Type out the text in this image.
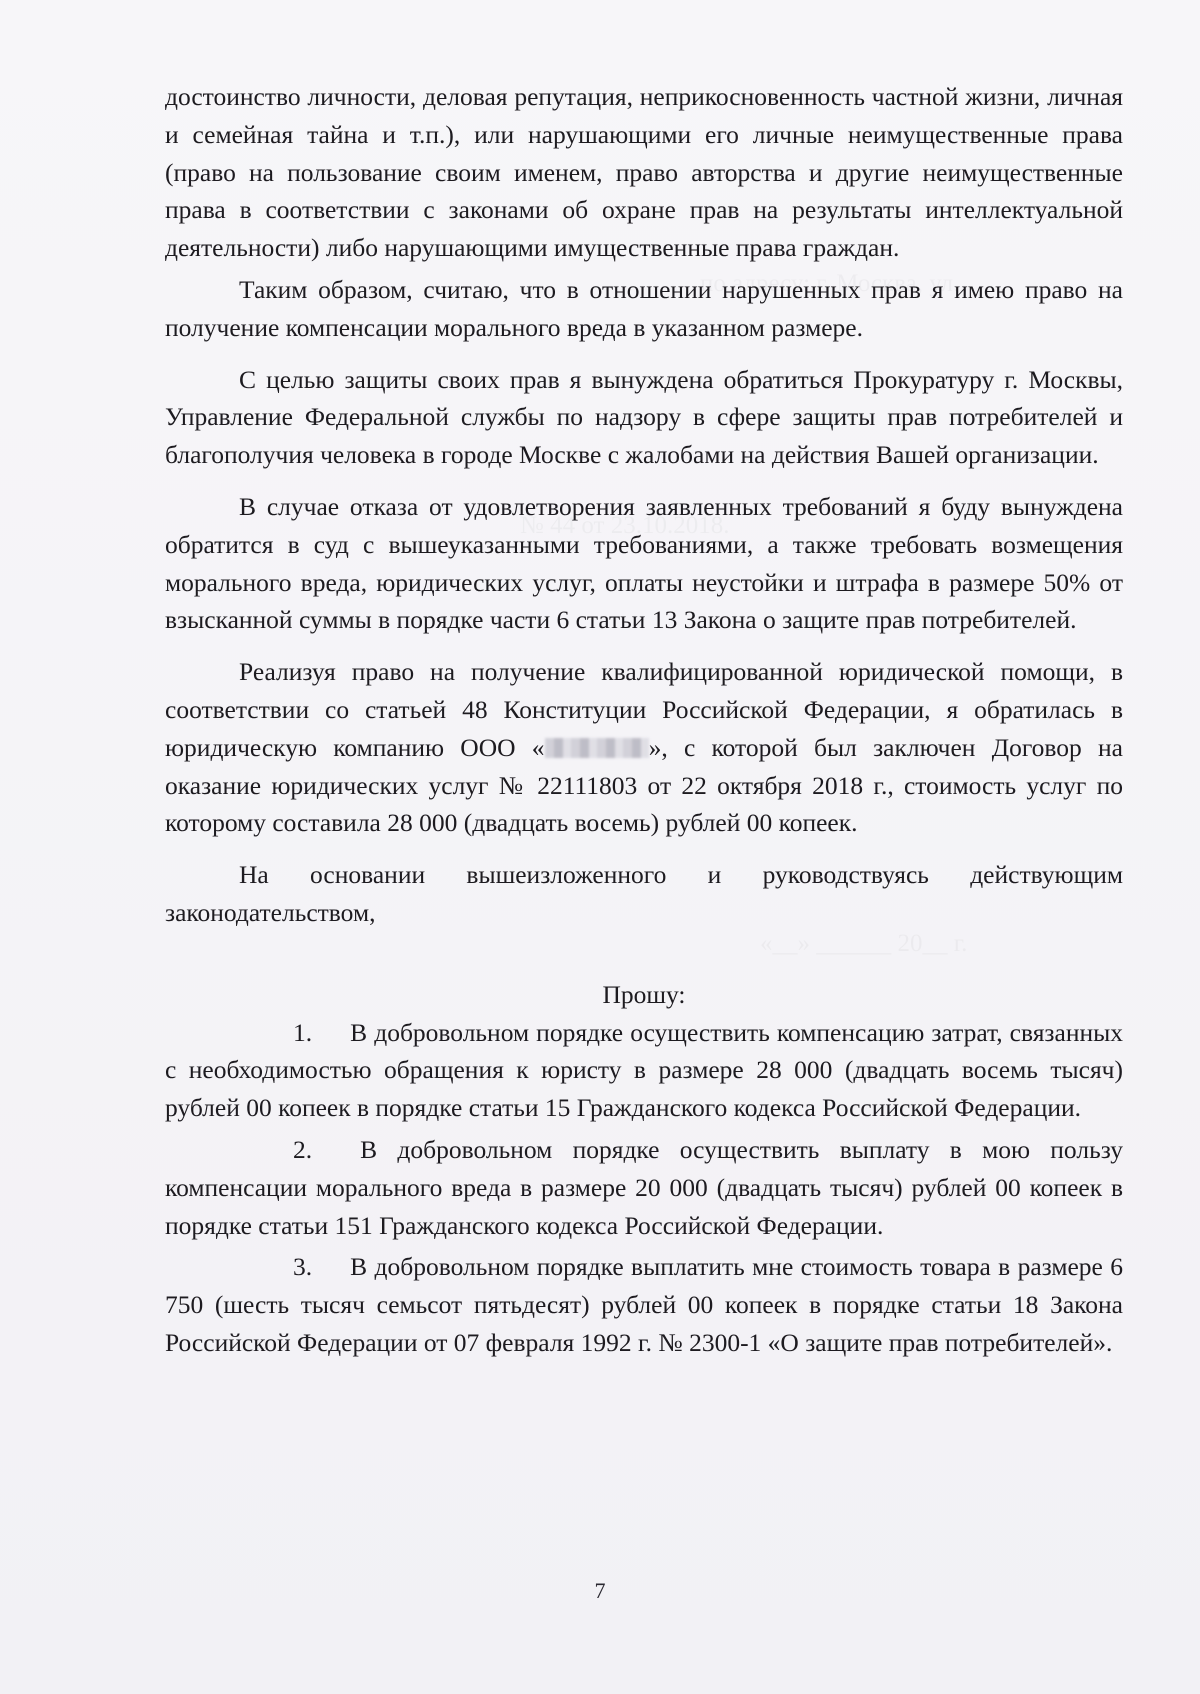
достоинство личности, деловая репутация, неприкосновенность частной жизни, личная и семейная тайна и т.п.), или нарушающими его личные неимущественные права (право на пользование своим именем, право авторства и другие неимущественные права в соответствии с законами об охране прав на результаты интеллектуальной деятельности) либо нарушающими имущественные права граждан.

Таким образом, считаю, что в отношении нарушенных прав я имею право на получение компенсации морального вреда в указанном размере.

С целью защиты своих прав я вынуждена обратиться Прокуратуру г. Москвы, Управление Федеральной службы по надзору в сфере защиты прав потребителей и благополучия человека в городе Москве с жалобами на действия Вашей организации.

В случае отказа от удовлетворения заявленных требований я буду вынуждена обратится в суд с вышеуказанными требованиями, а также требовать возмещения морального вреда, юридических услуг, оплаты неустойки и штрафа в размере 50% от взысканной суммы в порядке части 6 статьи 13 Закона о защите прав потребителей.

Реализуя право на получение квалифицированной юридической помощи, в соответствии со статьей 48 Конституции Российской Федерации, я обратилась в юридическую компанию ООО «	», с которой был заключен Договор на оказание юридических услуг № 22111803 от 22 октября 2018 г., стоимость услуг по которому составила 28 000 (двадцать восемь) рублей 00 копеек.

На основании вышеизложенного и руководствуясь действующим законодательством,

Прошу:

1. В добровольном порядке осуществить компенсацию затрат, связанных с необходимостью обращения к юристу в размере 28 000 (двадцать восемь тысяч) рублей 00 копеек в порядке статьи 15 Гражданского кодекса Российской Федерации.

2. В добровольном порядке осуществить выплату в мою пользу компенсации морального вреда в размере 20 000 (двадцать тысяч) рублей 00 копеек в порядке статьи 151 Гражданского кодекса Российской Федерации.

3. В добровольном порядке выплатить мне стоимость товара в размере 6 750 (шесть тысяч семьсот пятьдесят) рублей 00 копеек в порядке статьи 18 Закона Российской Федерации от 07 февраля 1992 г. № 2300-1 «О защите прав потребителей».

7
